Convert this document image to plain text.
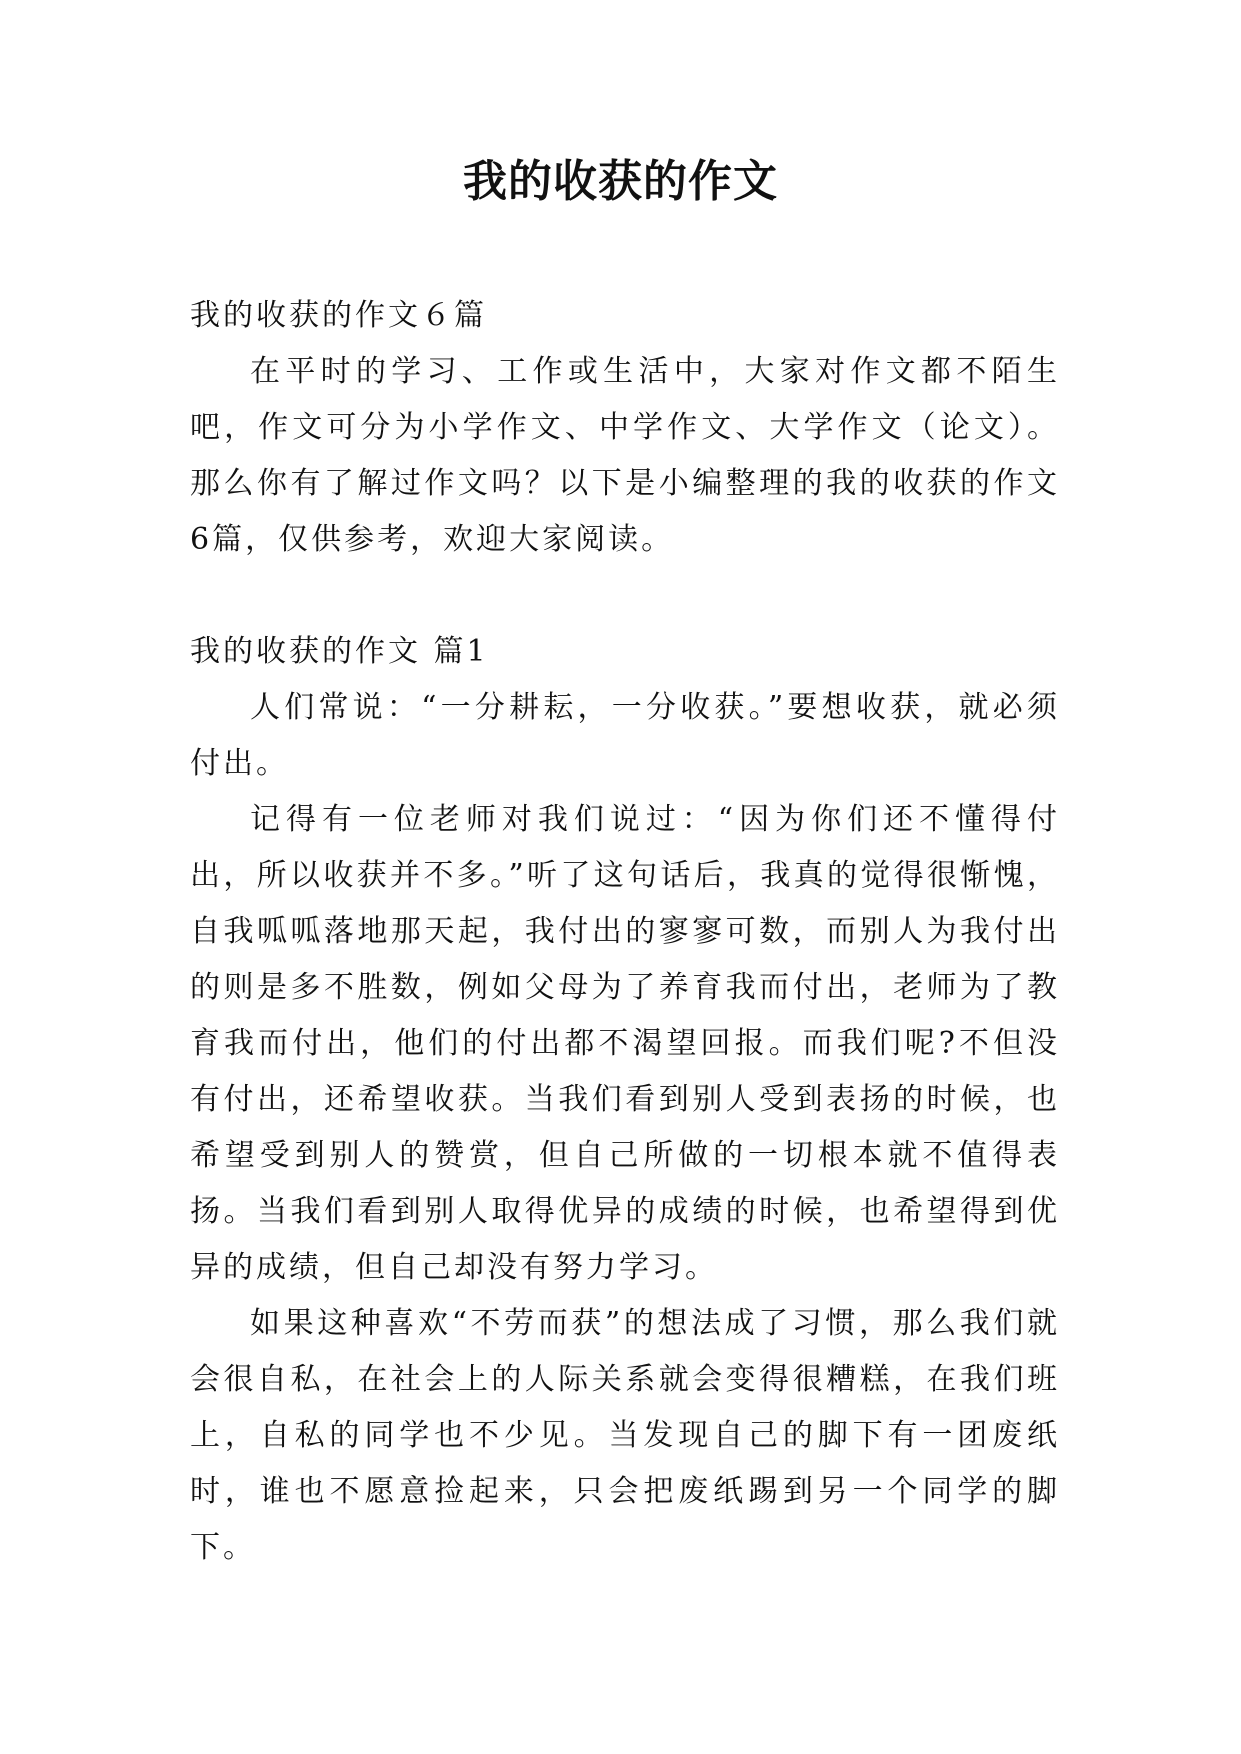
我的收获的作文

我的收获的作文６篇

在平时的学习、工作或生活中，大家对作文都不陌生吧，作文可分为小学作文、中学作文、大学作文（论文）。那么你有了解过作文吗？以下是小编整理的我的收获的作文6篇，仅供参考，欢迎大家阅读。

我的收获的作文 篇1

人们常说：“一分耕耘，一分收获。”要想收获，就必须付出。

记得有一位老师对我们说过：“因为你们还不懂得付出，所以收获并不多。”听了这句话后，我真的觉得很惭愧，自我呱呱落地那天起，我付出的寥寥可数，而别人为我付出的则是多不胜数，例如父母为了养育我而付出，老师为了教育我而付出，他们的付出都不渴望回报。而我们呢?不但没有付出，还希望收获。当我们看到别人受到表扬的时候，也希望受到别人的赞赏，但自己所做的一切根本就不值得表扬。当我们看到别人取得优异的成绩的时候，也希望得到优异的成绩，但自己却没有努力学习。

如果这种喜欢“不劳而获”的想法成了习惯，那么我们就会很自私，在社会上的人际关系就会变得很糟糕，在我们班上，自私的同学也不少见。当发现自己的脚下有一团废纸时，谁也不愿意捡起来，只会把废纸踢到另一个同学的脚下。
